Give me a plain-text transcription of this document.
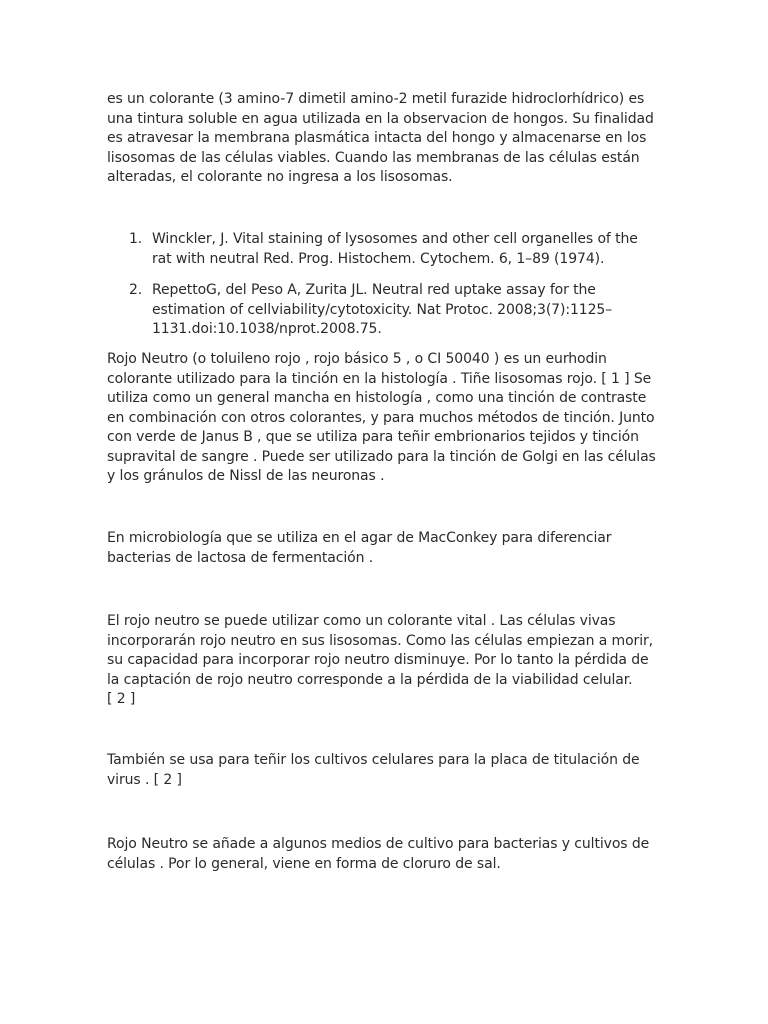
es un colorante (3 amino-7 dimetil amino-2 metil furazide hidroclorhídrico) es
una tintura soluble en agua utilizada en la observacion de hongos. Su finalidad
es atravesar la membrana plasmática intacta del hongo y almacenarse en los
lisosomas de las células viables. Cuando las membranas de las células están
alteradas, el colorante no ingresa a los lisosomas.

1. Winckler, J. Vital staining of lysosomes and other cell organelles of the
rat with neutral Red. Prog. Histochem. Cytochem. 6, 1–89 (1974).
2. RepettoG, del Peso A, Zurita JL. Neutral red uptake assay for the
estimation of cellviability/cytotoxicity. Nat Protoc. 2008;3(7):1125–
1131.doi:10.1038/nprot.2008.75.

Rojo Neutro (o toluileno rojo , rojo básico 5 , o CI 50040 ) es un eurhodin
colorante utilizado para la tinción en la histología . Tiñe lisosomas rojo. [ 1 ] Se
utiliza como un general mancha en histología , como una tinción de contraste
en combinación con otros colorantes, y para muchos métodos de tinción. Junto
con verde de Janus B , que se utiliza para teñir embrionarios tejidos y tinción
supravital de sangre . Puede ser utilizado para la tinción de Golgi en las células
y los gránulos de Nissl de las neuronas .

En microbiología que se utiliza en el agar de MacConkey para diferenciar
bacterias de lactosa de fermentación .

El rojo neutro se puede utilizar como un colorante vital . Las células vivas
incorporarán rojo neutro en sus lisosomas. Como las células empiezan a morir,
su capacidad para incorporar rojo neutro disminuye. Por lo tanto la pérdida de
la captación de rojo neutro corresponde a la pérdida de la viabilidad celular.
[ 2 ]

También se usa para teñir los cultivos celulares para la placa de titulación de
virus . [ 2 ]

Rojo Neutro se añade a algunos medios de cultivo para bacterias y cultivos de
células . Por lo general, viene en forma de cloruro de sal.
